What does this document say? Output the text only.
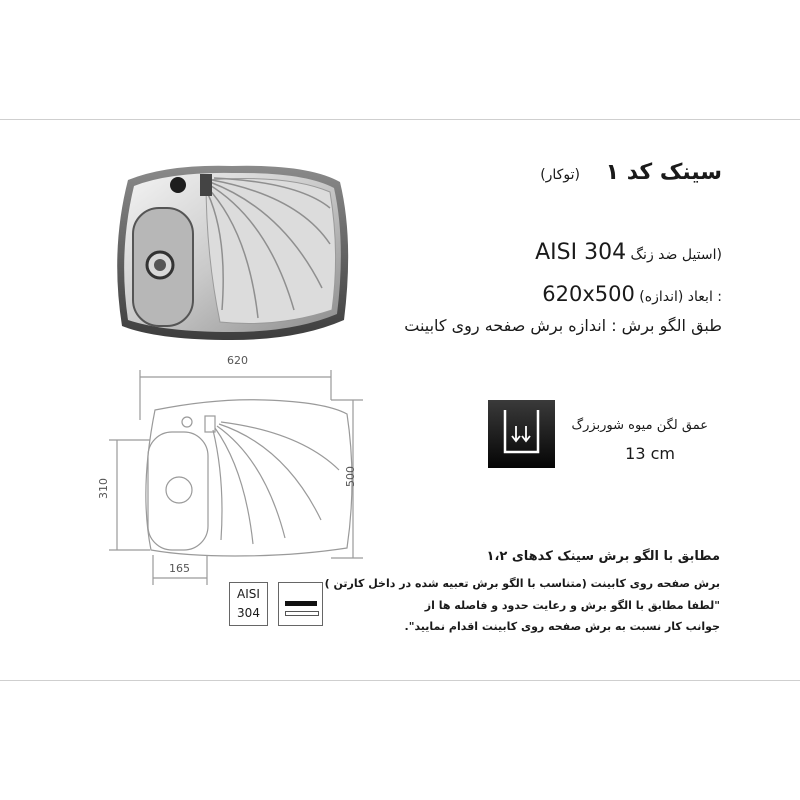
620
500
310
165
سینک کد ۱ (توکار)
(استیل ضد زنگ AISI 304
: ابعاد (اندازه) 620x500
طبق الگو برش : اندازه برش صفحه روی کابینت
عمق لگن میوه شوربزرگ
13 cm
AISI
304
مطابق با الگو برش سینک کدهای ۱،۲
برش صفحه روی کابینت (متناسب با الگو برش تعبیه شده در داخل کارتن )
"لطفا مطابق با الگو برش و رعایت حدود و فاصله ها از
جوانب کار نسبت به برش صفحه روی کابینت اقدام نمایید".
